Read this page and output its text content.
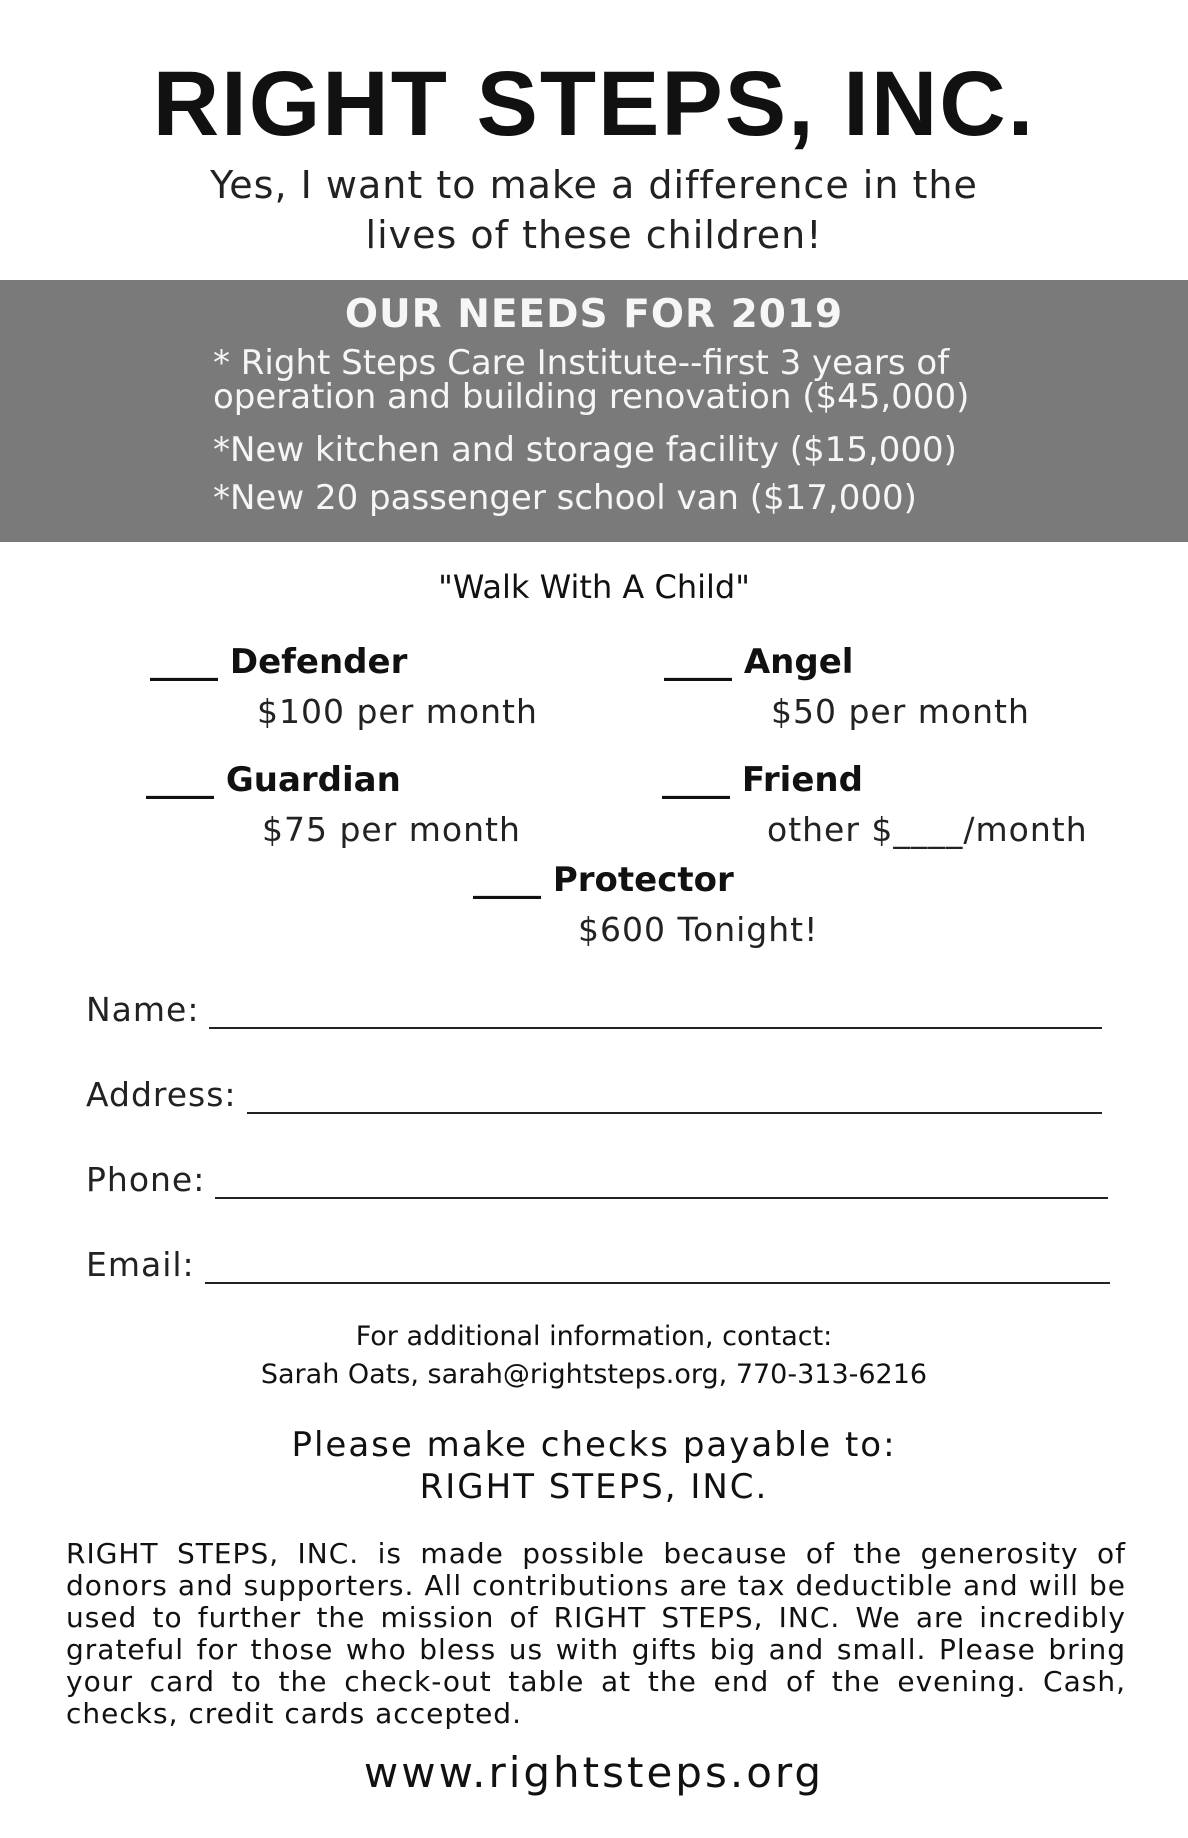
RIGHT STEPS, INC.
Yes, I want to make a difference in the
lives of these children!
OUR NEEDS FOR 2019
* Right Steps Care Institute--first 3 years of operation and building renovation ($45,000)
*New kitchen and storage facility ($15,000)
*New 20 passenger school van ($17,000)
"Walk With A Child"
____ Defender
$100 per month
____ Angel
$50 per month
____ Guardian
$75 per month
____ Friend
other $____/month
____ Protector
$600 Tonight!
Name:
Address:
Phone:
Email:
For additional information, contact:
Sarah Oats, sarah@rightsteps.org, 770-313-6216
Please make checks payable to:
RIGHT STEPS, INC.
RIGHT STEPS, INC. is made possible because of the generosity of donors and supporters. All contributions are tax deductible and will be used to further the mission of RIGHT STEPS, INC. We are incredibly grateful for those who bless us with gifts big and small. Please bring your card to the check-out table at the end of the evening. Cash, checks, credit cards accepted.
www.rightsteps.org
